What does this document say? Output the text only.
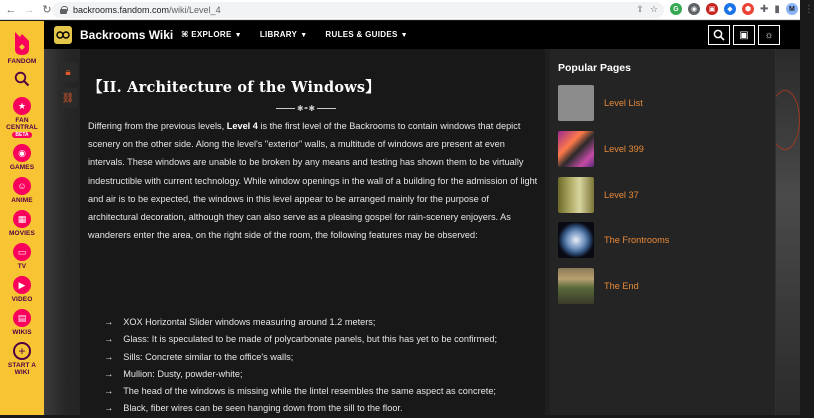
← → ↻ backrooms.fandom.com /wiki/Level_4	⇪ ☆	G	◉	▣	◆	⬢ ✚ ▮	M ⋮
FANDOM
★
FAN CENTRAL
BETA
◉
GAMES
☺
ANIME
▦
MOVIES
▭
TV
▶
VIDEO
▤
WIKIS
+
START A WIKI
Backrooms Wiki ⌘ EXPLORE ▼ LIBRARY ▼ RULES & GUIDES ▼	▣ ☼
🔒︎
⛓︎
【II. Architecture of the Windows】
✱◓✱

Differing from the previous levels, Level 4 is the first level of the Backrooms to contain windows that depict scenery on the other side. Along the level's "exterior" walls, a multitude of windows are present at even intervals. These windows are unable to be broken by any means and testing has shown them to be virtually indestructible with current technology. While window openings in the wall of a building for the admission of light and air is to be expected, the windows in this level appear to be arranged mainly for the purpose of architectural decoration, although they can also serve as a pleasing gospel for rain-scenery enjoyers. As wanderers enter the area, on the right side of the room, the following features may be observed:

→ XOX Horizontal Slider windows measuring around 1.2 meters;
→ Glass: It is speculated to be made of polycarbonate panels, but this has yet to be confirmed;
→ Sills: Concrete similar to the office's walls;
→ Mullion: Dusty, powder-white;
→ The head of the windows is missing while the lintel resembles the same aspect as concrete;
→ Black, fiber wires can be seen hanging down from the sill to the floor.
Popular Pages
Level List
Level 399
Level 37
The Frontrooms
The End
